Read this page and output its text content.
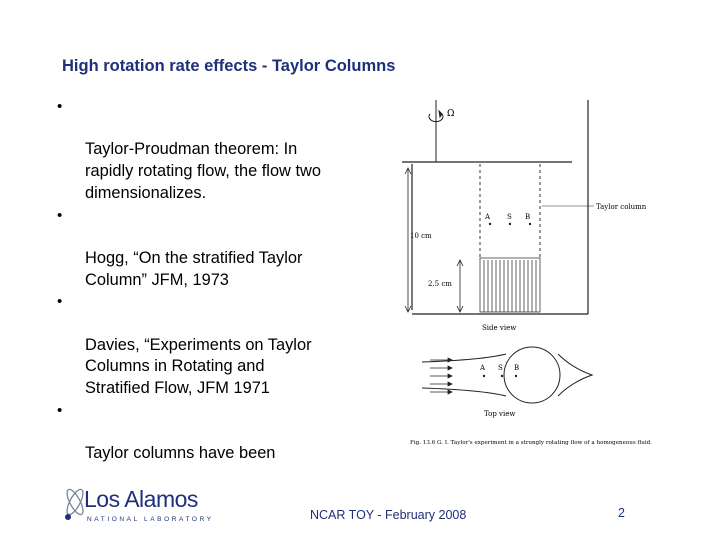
High rotation rate effects - Taylor Columns

•

Taylor-Proudman theorem: In
rapidly rotating flow, the flow two
dimensionalizes.

•

Hogg, “On the stratified Taylor
Column” JFM, 1973

•

Davies, “Experiments on Taylor
Columns in Rotating and
Stratified Flow, JFM 1971

•

Taylor columns have been

Ω
10 cm
2.5 cm
A S B
Taylor column
Side view
A S B
Top view
Fig. 13.6 G. I. Taylor's experiment in a strongly rotating flow of a homogeneous fluid.
Los Alamos
NATIONAL LABORATORY	NCAR TOY - February 2008	2
